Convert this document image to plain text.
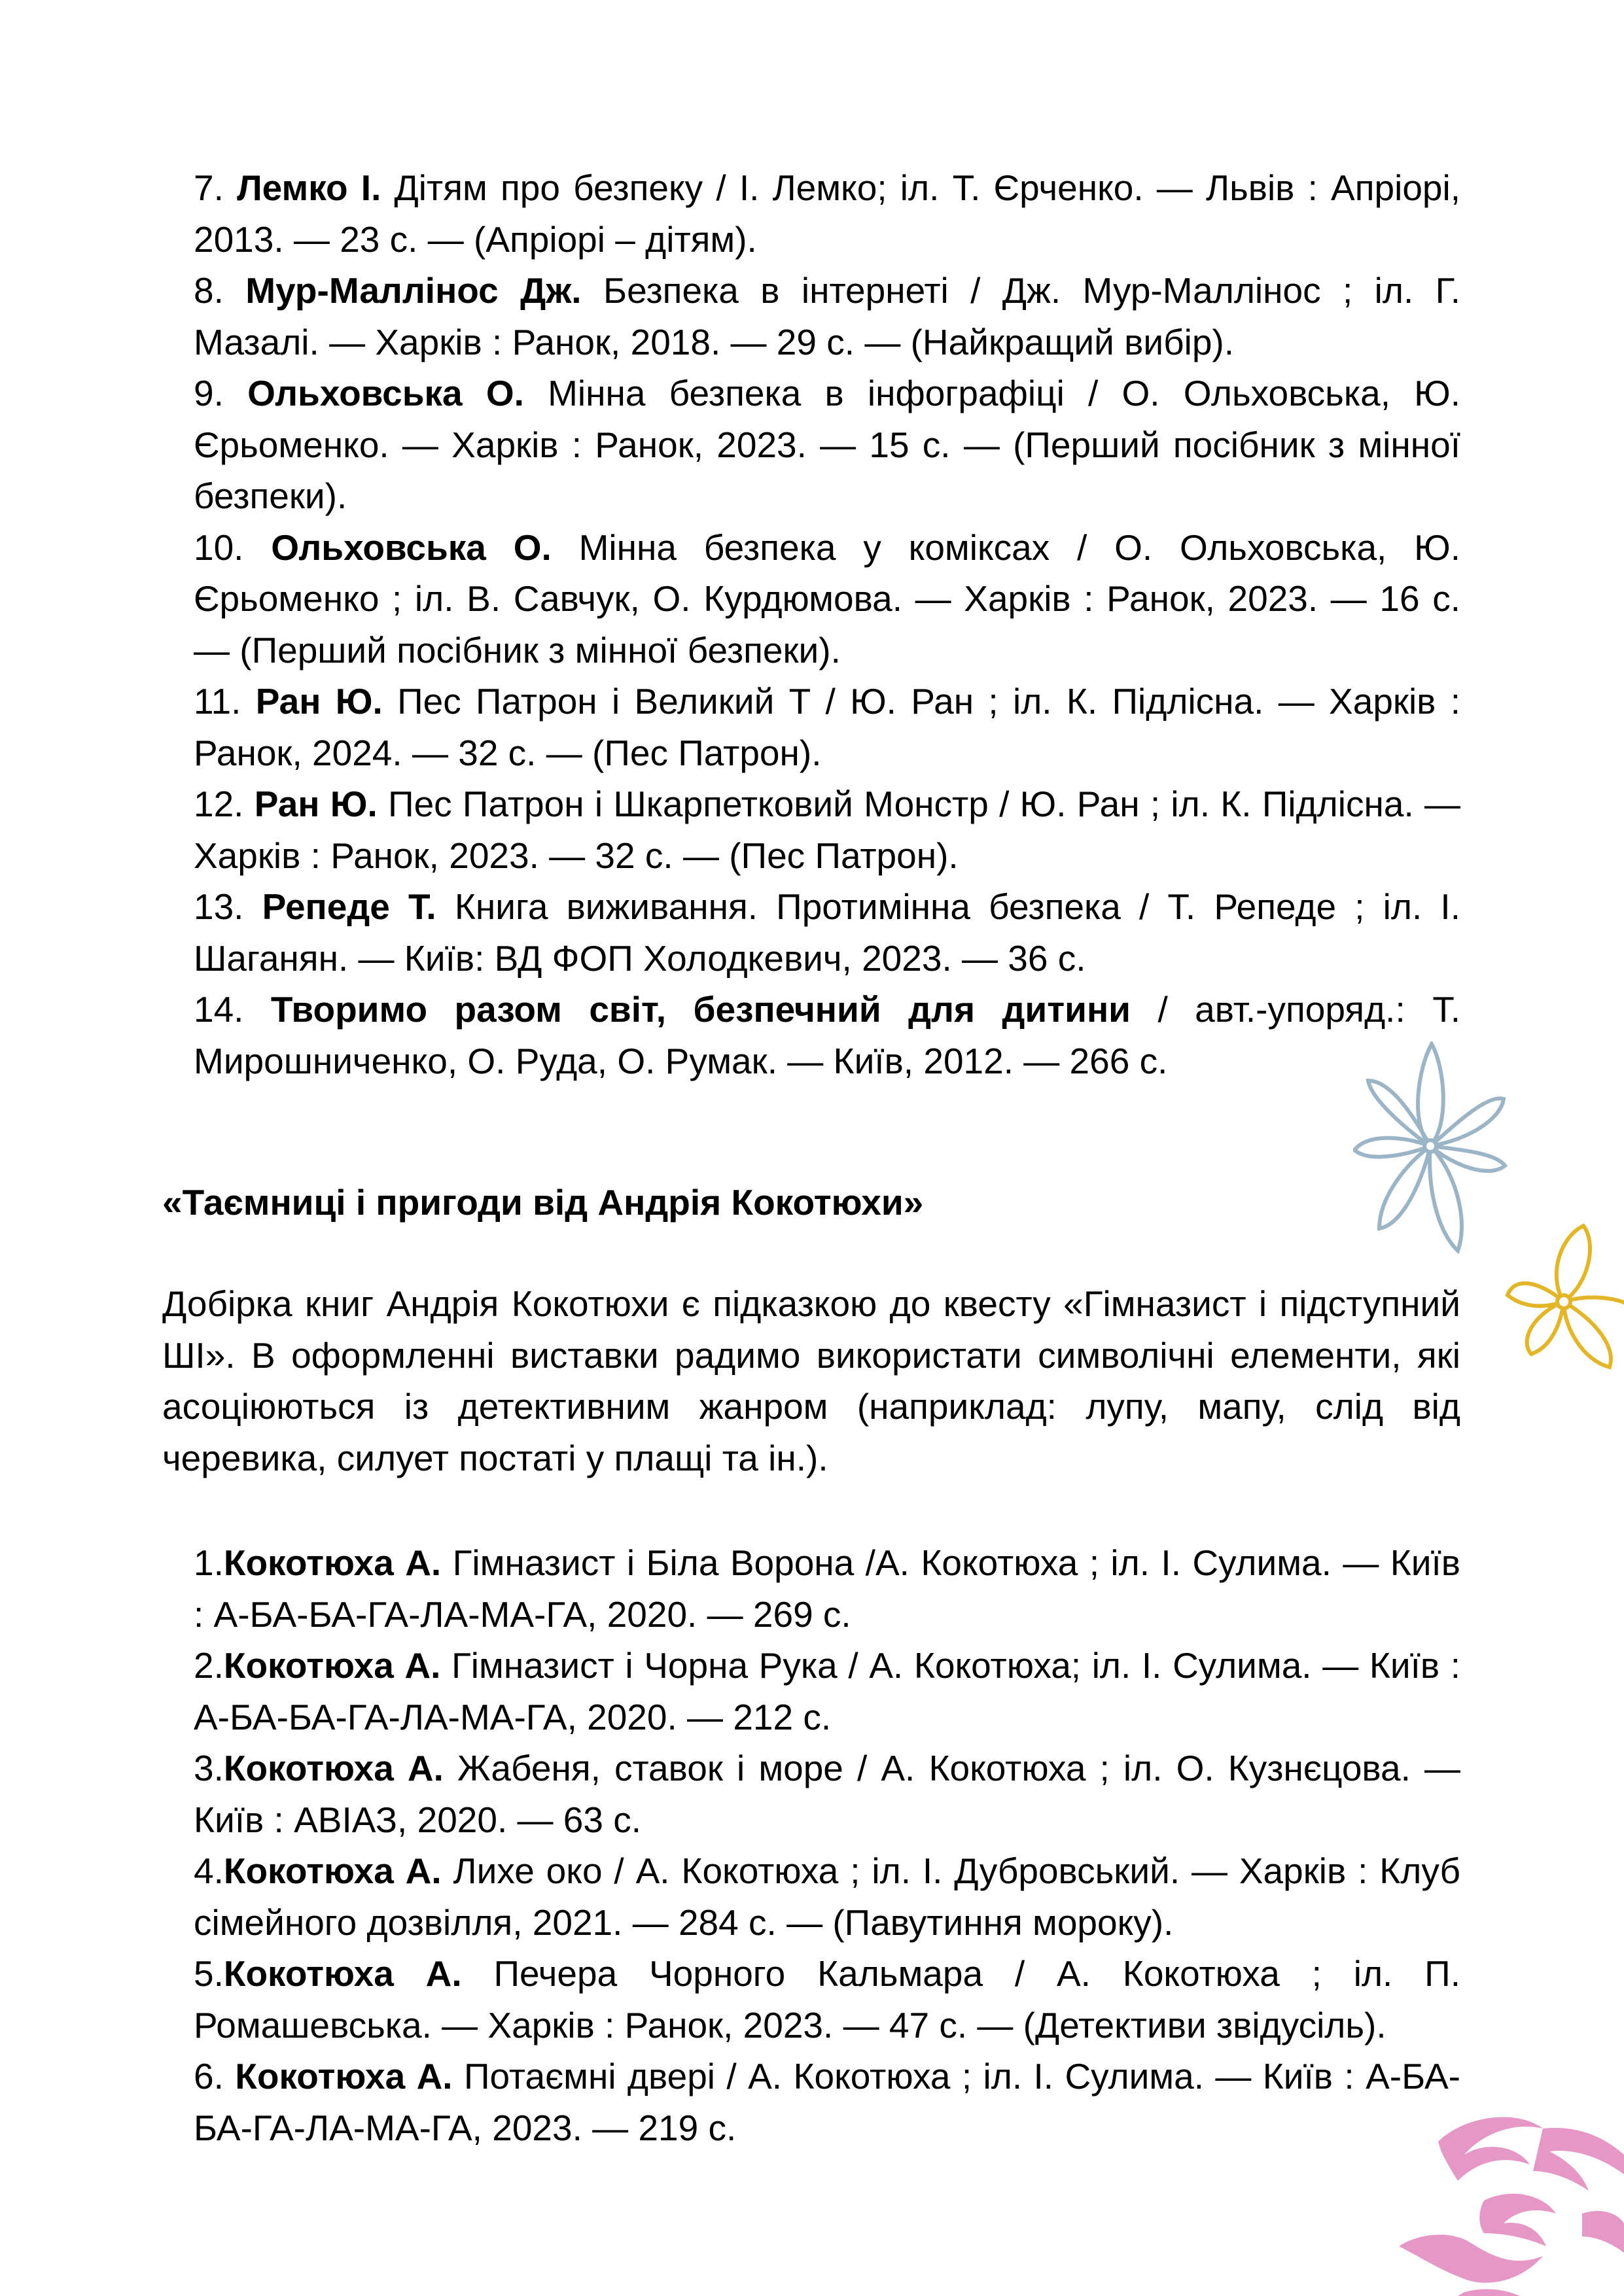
7. Лемко І. Дітям про безпеку / І. Лемко; іл. Т. Єрченко. — Львів : Апріорі, 2013. — 23 с. — (Апріорі – дітям).

8. Мур-Маллінос Дж. Безпека в інтернеті / Дж. Мур-Маллінос ; іл. Г. Мазалі. — Харків : Ранок, 2018. — 29 с. — (Найкращий вибір).

9. Ольховська О. Мінна безпека в інфографіці / О. Ольховська, Ю. Єрьоменко. — Харків : Ранок, 2023. — 15 с. — (Перший посібник з мінної безпеки).

10. Ольховська О. Мінна безпека у коміксах / О. Ольховська, Ю. Єрьоменко ; іл. В. Савчук, О. Курдюмова. — Харків : Ранок, 2023. — 16 с. — (Перший посібник з мінної безпеки).

11. Ран Ю. Пес Патрон і Великий Т / Ю. Ран ; іл. К. Підлісна. — Харків : Ранок, 2024. — 32 с. — (Пес Патрон).

12. Ран Ю. Пес Патрон і Шкарпетковий Монстр / Ю. Ран ; іл. К. Підлісна. — Харків : Ранок, 2023. — 32 с. — (Пес Патрон).

13. Репеде Т. Книга виживання. Протимінна безпека / Т. Репеде ; іл. І. Шаганян. — Київ: ВД ФОП Холодкевич, 2023. — 36 с.

14. Творимо разом світ, безпечний для дитини / авт.-упоряд.: Т. Мирошниченко, О. Руда, О. Румак. — Київ, 2012. — 266 с.

«Таємниці і пригоди від Андрія Кокотюхи»

Добірка книг Андрія Кокотюхи є підказкою до квесту «Гімназист і підступний ШІ». В оформленні виставки радимо використати символічні елементи, які асоціюються із детективним жанром (наприклад: лупу, мапу, слід від черевика, силует постаті у плащі та ін.).

1.Кокотюха А. Гімназист і Біла Ворона /А. Кокотюха ; іл. І. Сулима. — Київ : А-БА-БА-ГА-ЛА-МА-ГА, 2020. — 269 с.

2.Кокотюха А. Гімназист і Чорна Рука / А. Кокотюха; іл. І. Сулима. — Київ : А-БА-БА-ГА-ЛА-МА-ГА, 2020. — 212 с.

3.Кокотюха А. Жабеня, ставок і море / А. Кокотюха ; іл. О. Кузнєцова. — Київ : АВІАЗ, 2020. — 63 с.

4.Кокотюха А. Лихе око / А. Кокотюха ; іл. І. Дубровський. — Харків : Клуб сімейного дозвілля, 2021. — 284 с. — (Павутиння мороку).

5.Кокотюха А. Печера Чорного Кальмара / А. Кокотюха ; іл. П. Ромашевська. — Харків : Ранок, 2023. — 47 с. — (Детективи звідусіль).

6. Кокотюха А. Потаємні двері / А. Кокотюха ; іл. І. Сулима. — Київ : А-БА-БА-ГА-ЛА-МА-ГА, 2023. — 219 с.
